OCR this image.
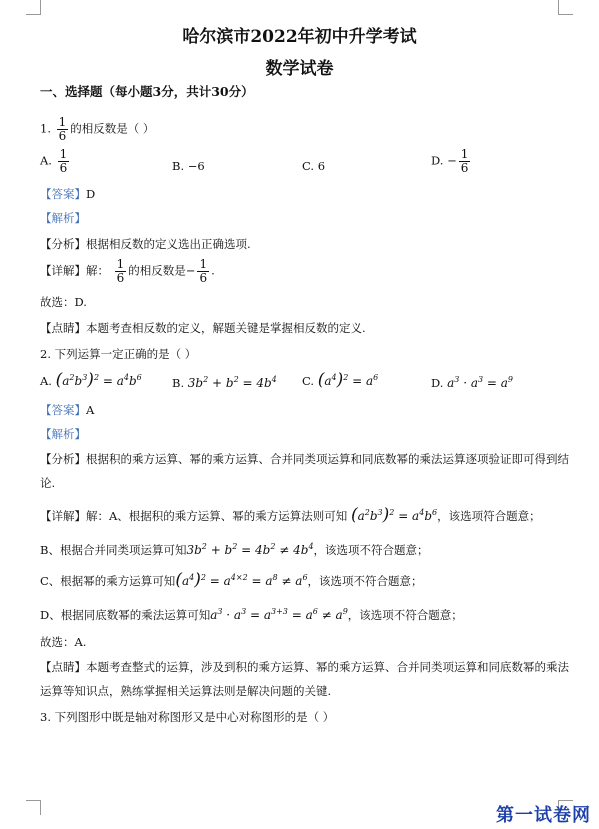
哈尔滨市2022年初中升学考试
数学试卷
一、选择题（每小题3分，共计30分）
1. $\frac{1}{6}$ 的相反数是（ ）
A. $\frac{1}{6}$	B. −6	C. 6	D. − $\frac{1}{6}$
【答案】D
【解析】
【分析】根据相反数的定义选出正确选项.
【详解】解： $\frac{1}{6}$ 的相反数是− $\frac{1}{6}$ .
故选：D.
【点睛】本题考查相反数的定义，解题关键是掌握相反数的定义.
2. 下列运算一定正确的是（ ）
A. $(a^2b^3)^2 = a^4b^6$	B. $3b^2 + b^2 = 4b^4$ C. $(a^4)^2 = a^6$	D. $a^3 \cdot a^3 = a^9$
【答案】A
【解析】
【分析】根据积的乘方运算、幂的乘方运算、合并同类项运算和同底数幂的乘法运算逐项验证即可得到结
论.
【详解】解：A、根据积的乘方运算、幂的乘方运算法则可知 $(a^2b^3)^2 = a^4b^6$，该选项符合题意；
B、根据合并同类项运算可知$3b^2 + b^2 = 4b^2 \ne 4b^4$，该选项不符合题意；
C、根据幂的乘方运算可知$(a^4)^2 = a^{4\times 2} = a^8 \ne a^6$，该选项不符合题意；
D、根据同底数幂的乘法运算可知$a^3 \cdot a^3 = a^{3+3} = a^6 \ne a^9$，该选项不符合题意；
故选：A.
【点睛】本题考查整式的运算，涉及到积的乘方运算、幂的乘方运算、合并同类项运算和同底数幂的乘法
运算等知识点，熟练掌握相关运算法则是解决问题的关键.
3. 下列图形中既是轴对称图形又是中心对称图形的是（ ）
第一试卷网
